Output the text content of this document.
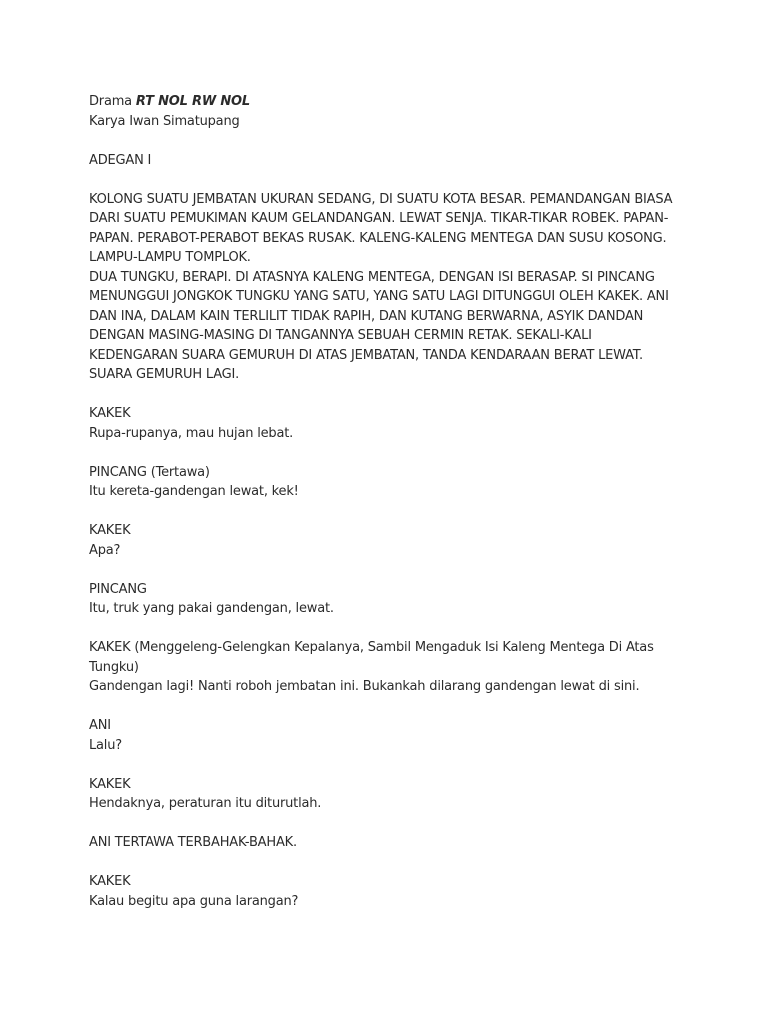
Drama RT NOL RW NOL
Karya Iwan Simatupang
ADEGAN I
KOLONG SUATU JEMBATAN UKURAN SEDANG, DI SUATU KOTA BESAR. PEMANDANGAN BIASA
DARI SUATU PEMUKIMAN KAUM GELANDANGAN. LEWAT SENJA. TIKAR-TIKAR ROBEK. PAPAN-
PAPAN. PERABOT-PERABOT BEKAS RUSAK. KALENG-KALENG MENTEGA DAN SUSU KOSONG.
LAMPU-LAMPU TOMPLOK.
DUA TUNGKU, BERAPI. DI ATASNYA KALENG MENTEGA, DENGAN ISI BERASAP. SI PINCANG
MENUNGGUI JONGKOK TUNGKU YANG SATU, YANG SATU LAGI DITUNGGUI OLEH KAKEK. ANI
DAN INA, DALAM KAIN TERLILIT TIDAK RAPIH, DAN KUTANG BERWARNA, ASYIK DANDAN
DENGAN MASING-MASING DI TANGANNYA SEBUAH CERMIN RETAK. SEKALI-KALI
KEDENGARAN SUARA GEMURUH DI ATAS JEMBATAN, TANDA KENDARAAN BERAT LEWAT.
SUARA GEMURUH LAGI.
KAKEK
Rupa-rupanya, mau hujan lebat.
PINCANG (Tertawa)
Itu kereta-gandengan lewat, kek!
KAKEK
Apa?
PINCANG
Itu, truk yang pakai gandengan, lewat.
KAKEK (Menggeleng-Gelengkan Kepalanya, Sambil Mengaduk Isi Kaleng Mentega Di Atas
Tungku)
Gandengan lagi! Nanti roboh jembatan ini. Bukankah dilarang gandengan lewat di sini.
ANI
Lalu?
KAKEK
Hendaknya, peraturan itu diturutlah.
ANI TERTAWA TERBAHAK-BAHAK.
KAKEK
Kalau begitu apa guna larangan?
